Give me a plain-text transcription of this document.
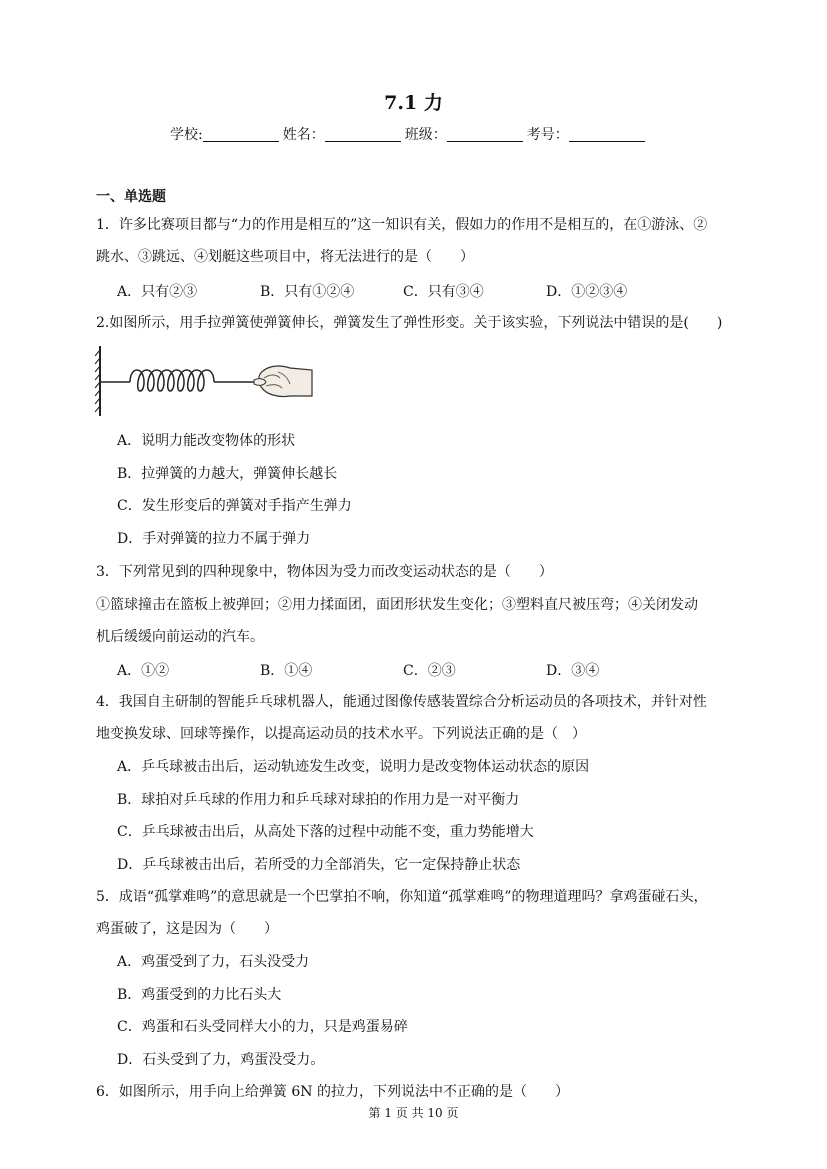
7.1 力
学校:	姓名：	班级：	考号：
一、单选题
1．许多比赛项目都与“力的作用是相互的”这一知识有关，假如力的作用不是相互的，在①游泳、②
跳水、③跳远、④划艇这些项目中，将无法进行的是（　　）
A．只有②③	B．只有①②④	C．只有③④	D．①②③④
2.如图所示，用手拉弹簧使弹簧伸长，弹簧发生了弹性形变。关于该实验，下列说法中错误的是(　　)
A．说明力能改变物体的形状
B．拉弹簧的力越大，弹簧伸长越长
C．发生形变后的弹簧对手指产生弹力
D．手对弹簧的拉力不属于弹力
3．下列常见到的四种现象中，物体因为受力而改变运动状态的是（　　）
①篮球撞击在篮板上被弹回；②用力揉面团，面团形状发生变化；③塑料直尺被压弯；④关闭发动
机后缓缓向前运动的汽车。
A．①②	B．①④	C．②③	D．③④
4．我国自主研制的智能乒乓球机器人，能通过图像传感装置综合分析运动员的各项技术，并针对性
地变换发球、回球等操作，以提高运动员的技术水平。下列说法正确的是（　）
A．乒乓球被击出后，运动轨迹发生改变，说明力是改变物体运动状态的原因
B．球拍对乒乓球的作用力和乒乓球对球拍的作用力是一对平衡力
C．乒乓球被击出后，从高处下落的过程中动能不变，重力势能增大
D．乒乓球被击出后，若所受的力全部消失，它一定保持静止状态
5．成语“孤掌难鸣”的意思就是一个巴掌拍不响，你知道“孤掌难鸣”的物理道理吗？拿鸡蛋碰石头，
鸡蛋破了，这是因为（　　）
A．鸡蛋受到了力，石头没受力
B．鸡蛋受到的力比石头大
C．鸡蛋和石头受同样大小的力，只是鸡蛋易碎
D．石头受到了力，鸡蛋没受力。
6．如图所示，用手向上给弹簧 6N 的拉力，下列说法中不正确的是（　　）
第 1 页 共 10 页
